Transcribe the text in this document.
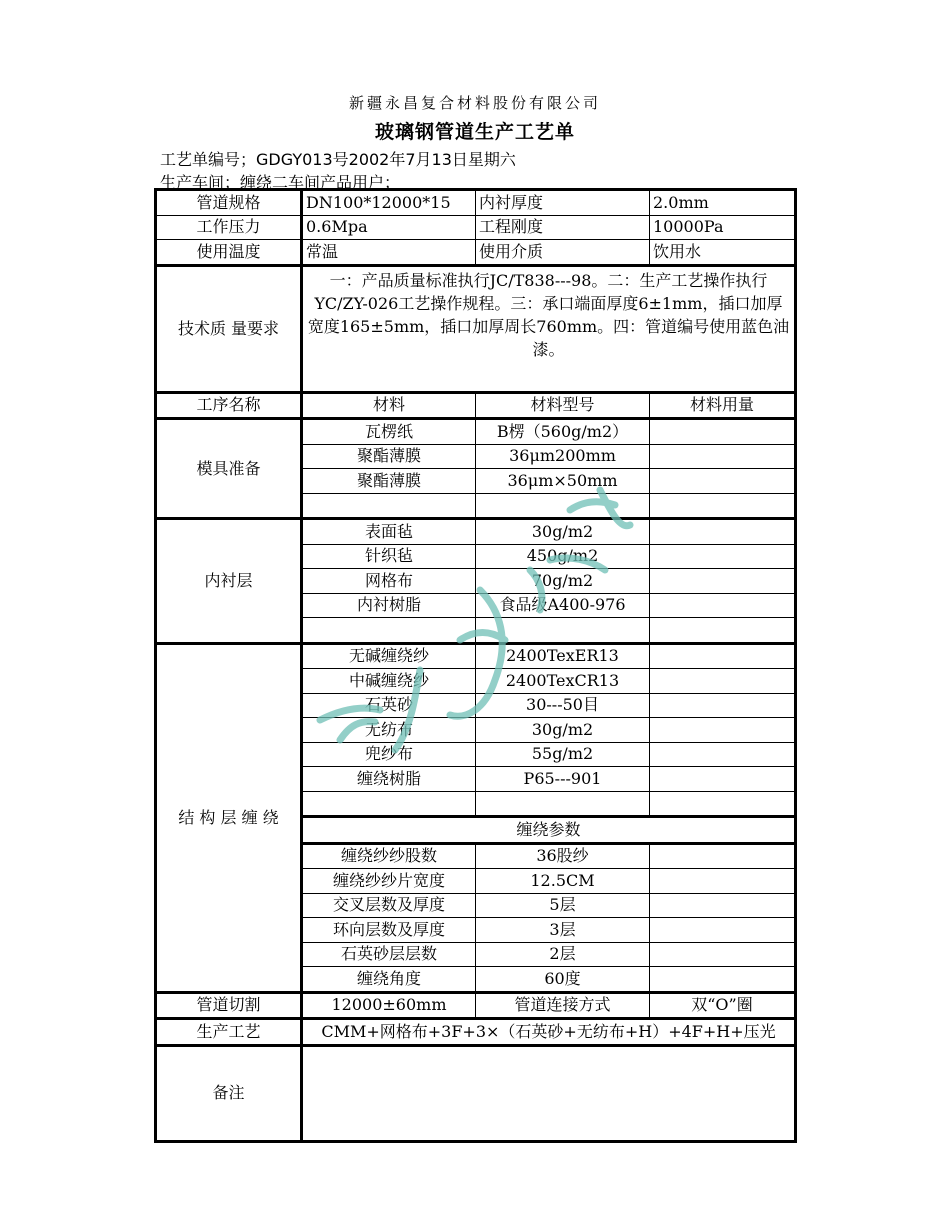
新疆永昌复合材料股份有限公司
玻璃钢管道生产工艺单
工艺单编号；GDGY013号2002年7月13日星期六
生产车间；缠绕二车间产品用户；
管道规格	DN100*12000*15	内衬厚度	2.0mm
工作压力	0.6Mpa	工程刚度	10000Pa
使用温度	常温	使用介质	饮用水
技术质 量要求	一：产品质量标准执行JC/T838---98。二：生产工艺操作执行YC/ZY-026工艺操作规程。三：承口端面厚度6±1mm，插口加厚宽度165±5mm，插口加厚周长760mm。四：管道编号使用蓝色油漆。		
工序名称	材料	材料型号	材料用量
模具准备	瓦楞纸	B楞（560g/m2）	
	聚酯薄膜	36μm200mm	
	聚酯薄膜	36μm×50mm	

内衬层	表面毡	30g/m2	
	针织毡	450g/m2	
	网格布	70g/m2	
	内衬树脂	食品级A400-976	

结 构 层 缠 绕	无碱缠绕纱	2400TexER13	
	中碱缠绕纱	2400TexCR13	
	石英砂	30---50目	
	无纺布	30g/m2	
	兜纱布	55g/m2	
	缠绕树脂	P65---901	

	缠绕参数		
	缠绕纱纱股数	36股纱	
	缠绕纱纱片宽度	12.5CM	
	交叉层数及厚度	5层	
	环向层数及厚度	3层	
	石英砂层层数	2层	
	缠绕角度	60度	
管道切割	12000±60mm	管道连接方式	双“O”圈
生产工艺	CMM+网格布+3F+3×（石英砂+无纺布+H）+4F+H+压光		
备注			
